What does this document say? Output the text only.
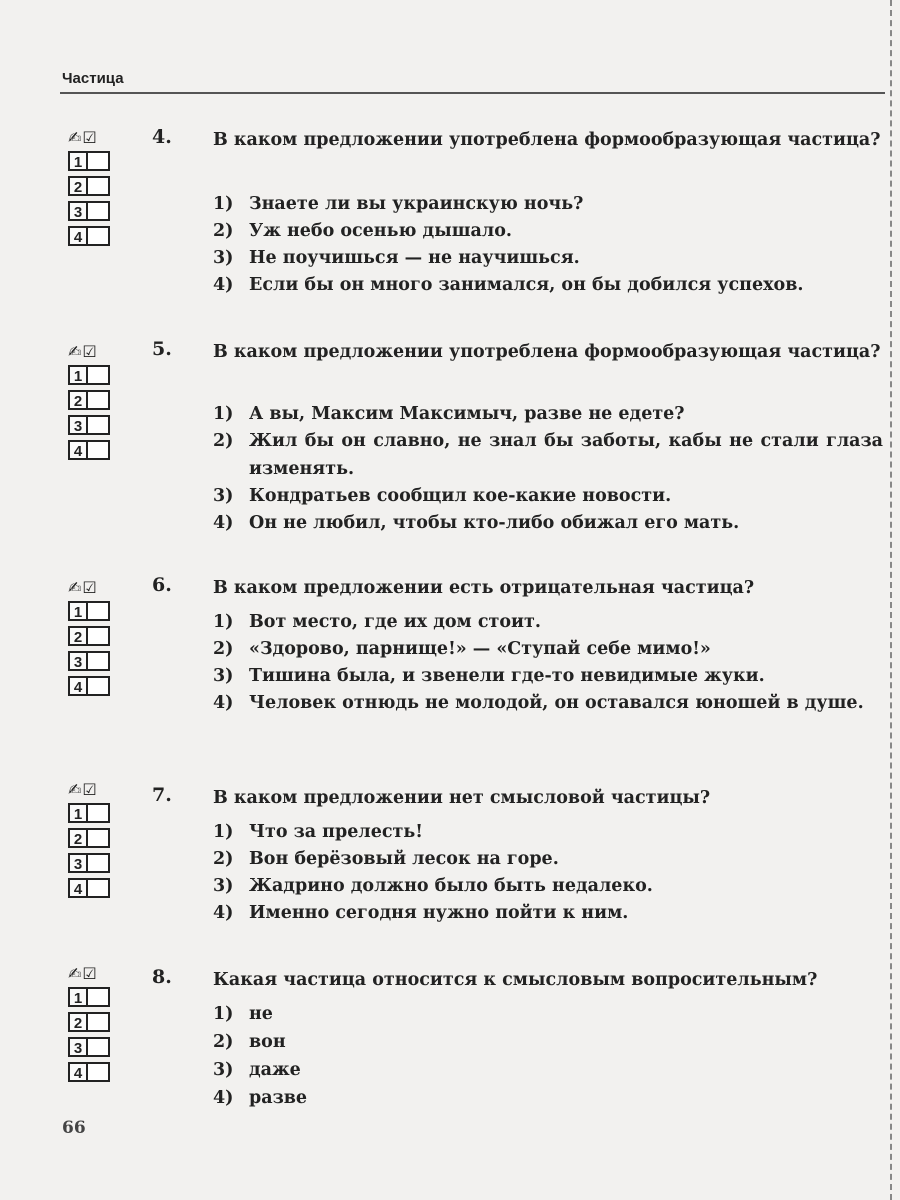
Частица
✍☑
1
2
3
4
4. В каком предложении употреблена формообразующая частица?
1) Знаете ли вы украинскую ночь?
2) Уж небо осенью дышало.
3) Не поучишься — не научишься.
4) Если бы он много занимался, он бы добился успехов.
✍☑
1
2
3
4
5. В каком предложении употреблена формообразующая частица?
1) А вы, Максим Максимыч, разве не едете?
2) Жил бы он славно, не знал бы заботы, кабы не стали глаза изменять.
3) Кондратьев сообщил кое-какие новости.
4) Он не любил, чтобы кто-либо обижал его мать.
✍☑
1
2
3
4
6. В каком предложении есть отрицательная частица?
1) Вот место, где их дом стоит.
2) «Здорово, парнище!» — «Ступай себе мимо!»
3) Тишина была, и звенели где-то невидимые жуки.
4) Человек отнюдь не молодой, он оставался юношей в душе.
✍☑
1
2
3
4
7. В каком предложении нет смысловой частицы?
1) Что за прелесть!
2) Вон берёзовый лесок на горе.
3) Жадрино должно было быть недалеко.
4) Именно сегодня нужно пойти к ним.
✍☑
1
2
3
4
8. Какая частица относится к смысловым вопросительным?
1) не
2) вон
3) даже
4) разве
66
